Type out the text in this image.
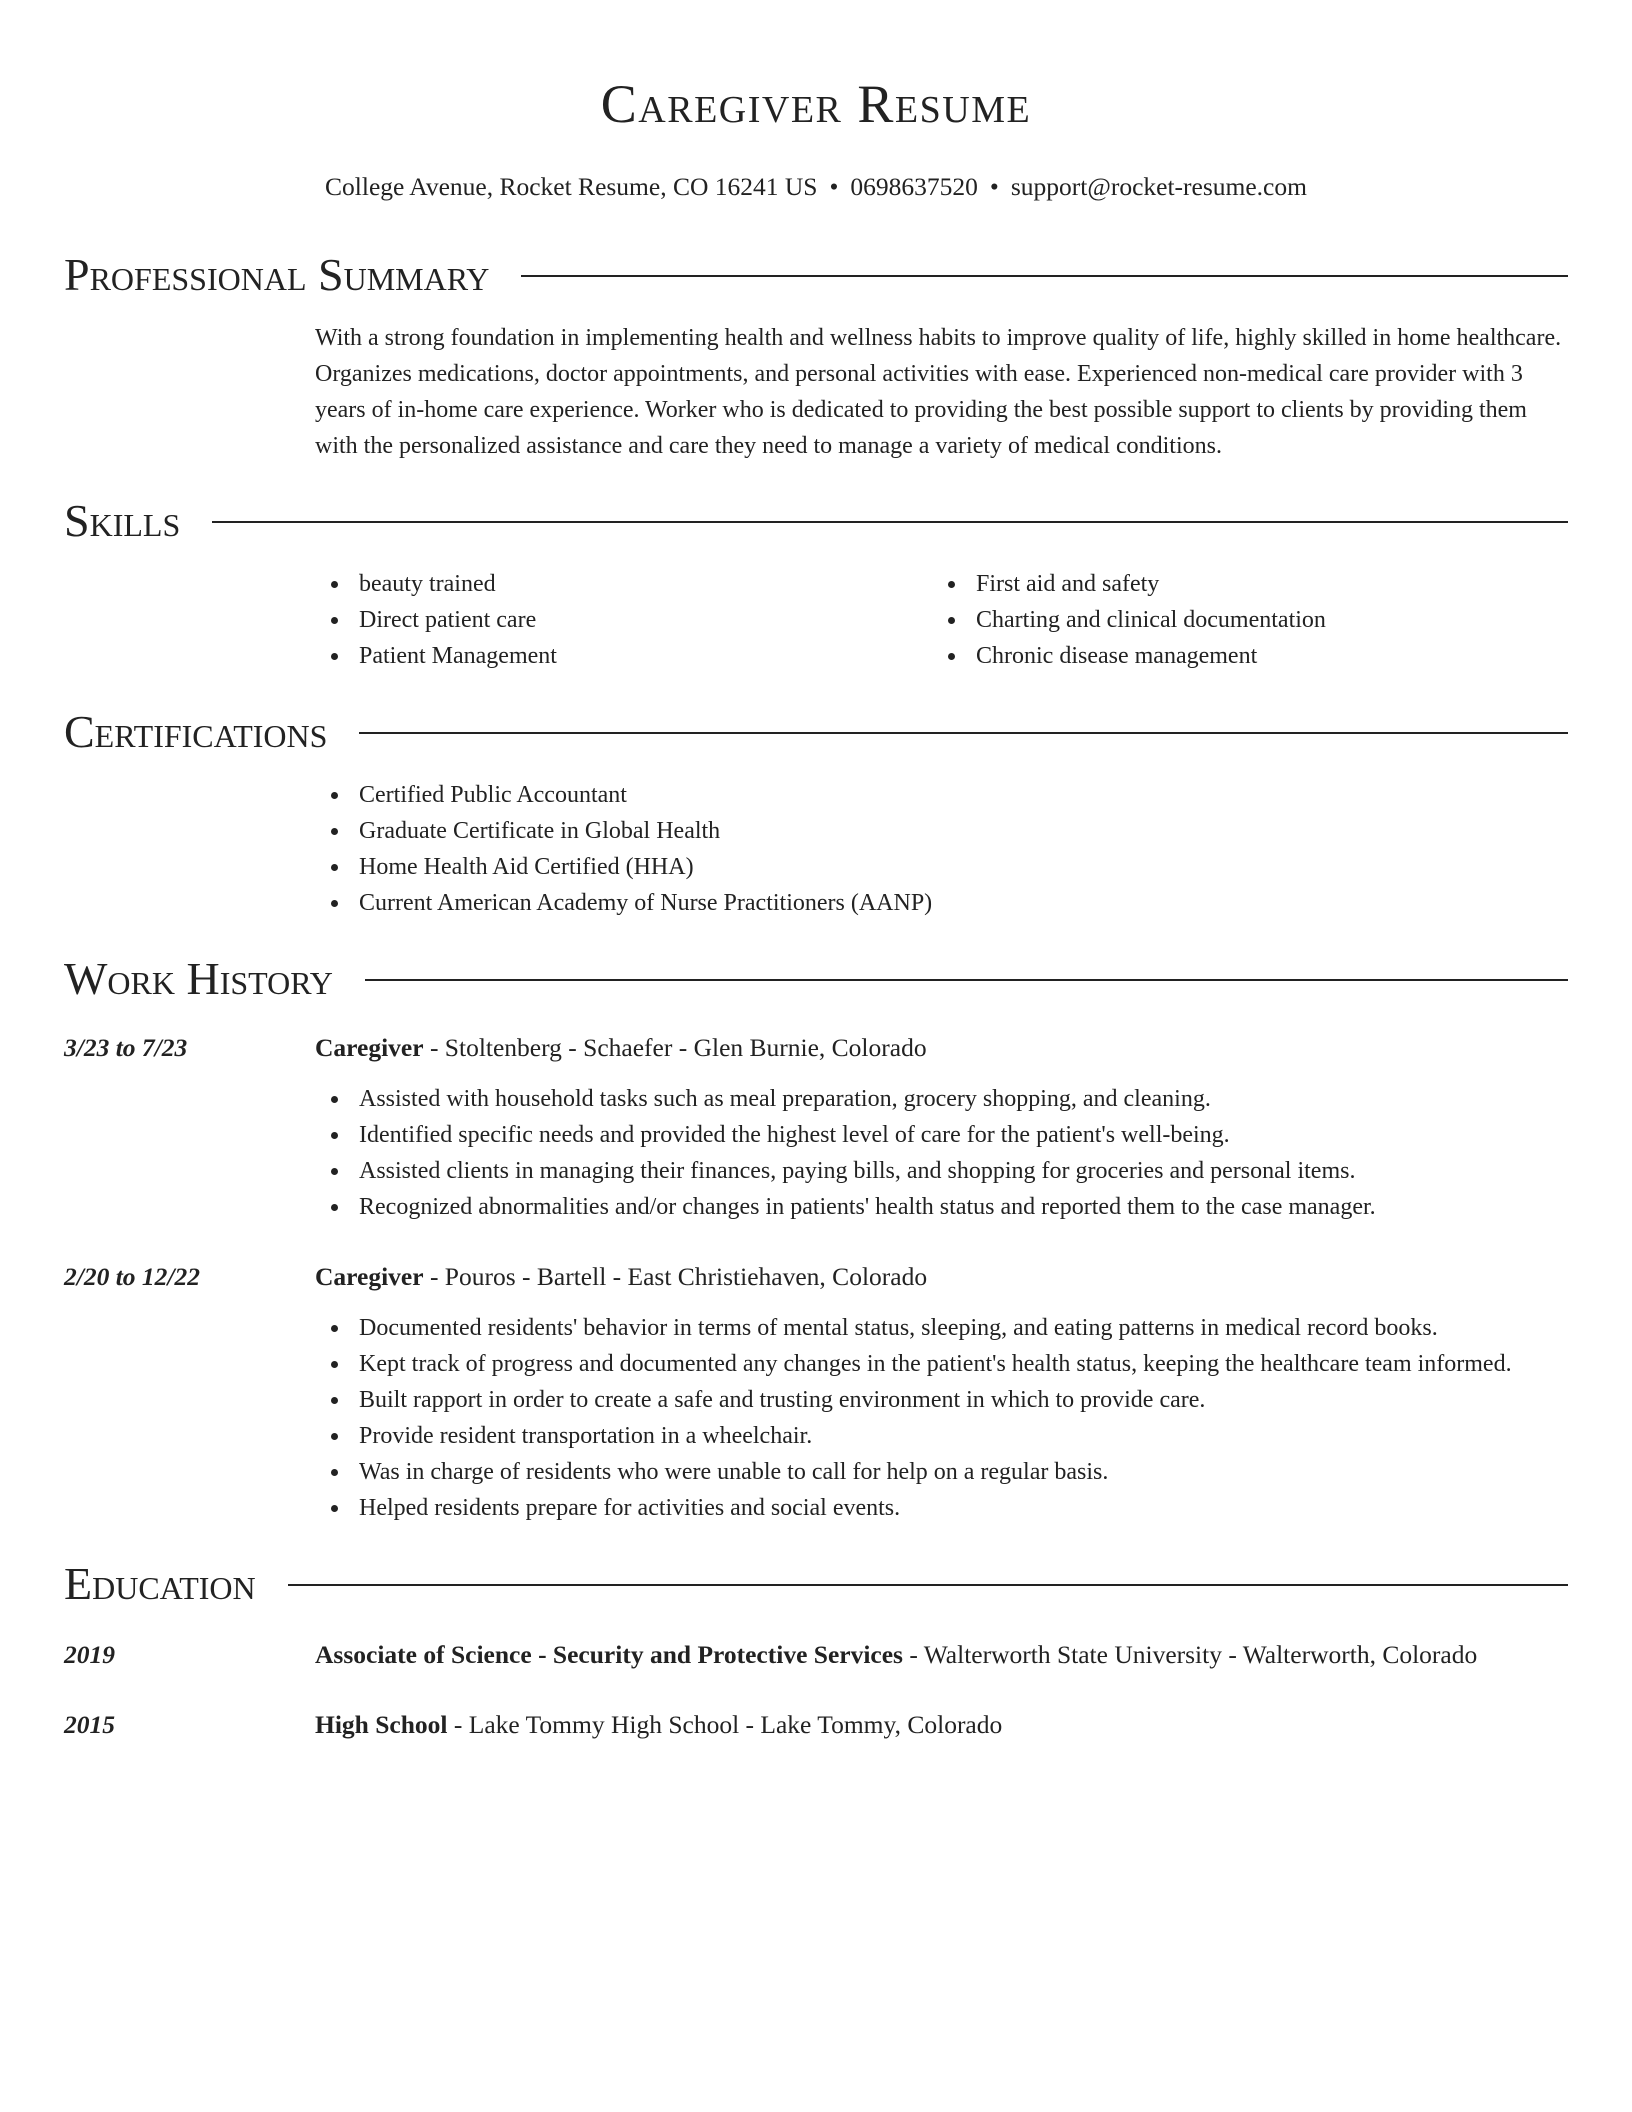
Caregiver Resume
College Avenue, Rocket Resume, CO 16241 US • 0698637520 • support@rocket-resume.com
Professional Summary
With a strong foundation in implementing health and wellness habits to improve quality of life, highly skilled in home healthcare. Organizes medications, doctor appointments, and personal activities with ease. Experienced non-medical care provider with 3 years of in-home care experience. Worker who is dedicated to providing the best possible support to clients by providing them with the personalized assistance and care they need to manage a variety of medical conditions.
Skills
beauty trained
Direct patient care
Patient Management
First aid and safety
Charting and clinical documentation
Chronic disease management
Certifications
Certified Public Accountant
Graduate Certificate in Global Health
Home Health Aid Certified (HHA)
Current American Academy of Nurse Practitioners (AANP)
Work History
3/23 to 7/23	Caregiver - Stoltenberg - Schaefer - Glen Burnie, Colorado
Assisted with household tasks such as meal preparation, grocery shopping, and cleaning.
Identified specific needs and provided the highest level of care for the patient's well-being.
Assisted clients in managing their finances, paying bills, and shopping for groceries and personal items.
Recognized abnormalities and/or changes in patients' health status and reported them to the case manager.
2/20 to 12/22	Caregiver - Pouros - Bartell - East Christiehaven, Colorado
Documented residents' behavior in terms of mental status, sleeping, and eating patterns in medical record books.
Kept track of progress and documented any changes in the patient's health status, keeping the healthcare team informed.
Built rapport in order to create a safe and trusting environment in which to provide care.
Provide resident transportation in a wheelchair.
Was in charge of residents who were unable to call for help on a regular basis.
Helped residents prepare for activities and social events.
Education
2019	Associate of Science - Security and Protective Services - Walterworth State University - Walterworth, Colorado
2015	High School - Lake Tommy High School - Lake Tommy, Colorado
